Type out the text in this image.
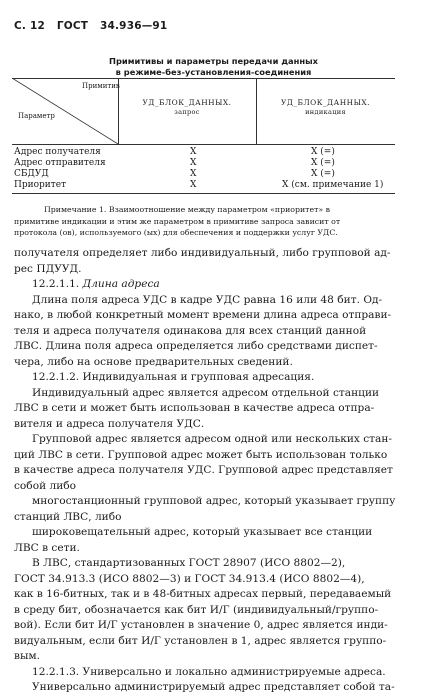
С. 12 ГОСТ 34.936—91
Примитивы и параметры передачи данных
в режиме-без-установления-соединения
Примитив
Параметр
УД_БЛОК_ДАННЫХ.
запрос
УД_БЛОК_ДАННЫХ.
индикация
Адрес получателя	X	X (=)
Адрес отправителя	X	X (=)
СБДУД	X	X (=)
Приоритет	X	X (см. примечание 1)
Примечание 1. Взаимоотношение между параметром «приоритет» в
примитиве индикации и этим же параметром в примитиве запроса зависит от
протокола (ов), используемого (ых) для обеспечения и поддержки услуг УДС.

получателя определяет либо индивидуальный, либо групповой ад-

рес ПДУУД.

12.2.1.1. Длина адреса

Длина поля адреса УДС в кадре УДС равна 16 или 48 бит. Од-

нако, в любой конкретный момент времени длина адреса отправи-

теля и адреса получателя одинакова для всех станций данной

ЛВС. Длина поля адреса определяется либо средствами диспет-

чера, либо на основе предварительных сведений.

12.2.1.2. Индивидуальная и групповая адресация.

Индивидуальный адрес является адресом отдельной станции

ЛВС в сети и может быть использован в качестве адреса отпра-

вителя и адреса получателя УДС.

Групповой адрес является адресом одной или нескольких стан-

ций ЛВС в сети. Групповой адрес может быть использован только

в качестве адреса получателя УДС. Групповой адрес представляет

собой либо

многостанционный групповой адрес, который указывает группу

станций ЛВС, либо

широковещательный адрес, который указывает все станции

ЛВС в сети.

В ЛВС, стандартизованных ГОСТ 28907 (ИСО 8802—2),

ГОСТ 34.913.3 (ИСО 8802—3) и ГОСТ 34.913.4 (ИСО 8802—4),

как в 16-битных, так и в 48-битных адресах первый, передаваемый

в среду бит, обозначается как бит И/Г (индивидуальный/группо-

вой). Если бит И/Г установлен в значение 0, адрес является инди-

видуальным, если бит И/Г установлен в 1, адрес является группо-

вым.

12.2.1.3. Универсально и локально администрируемые адреса.

Универсально администрируемый адрес представляет собой та-
